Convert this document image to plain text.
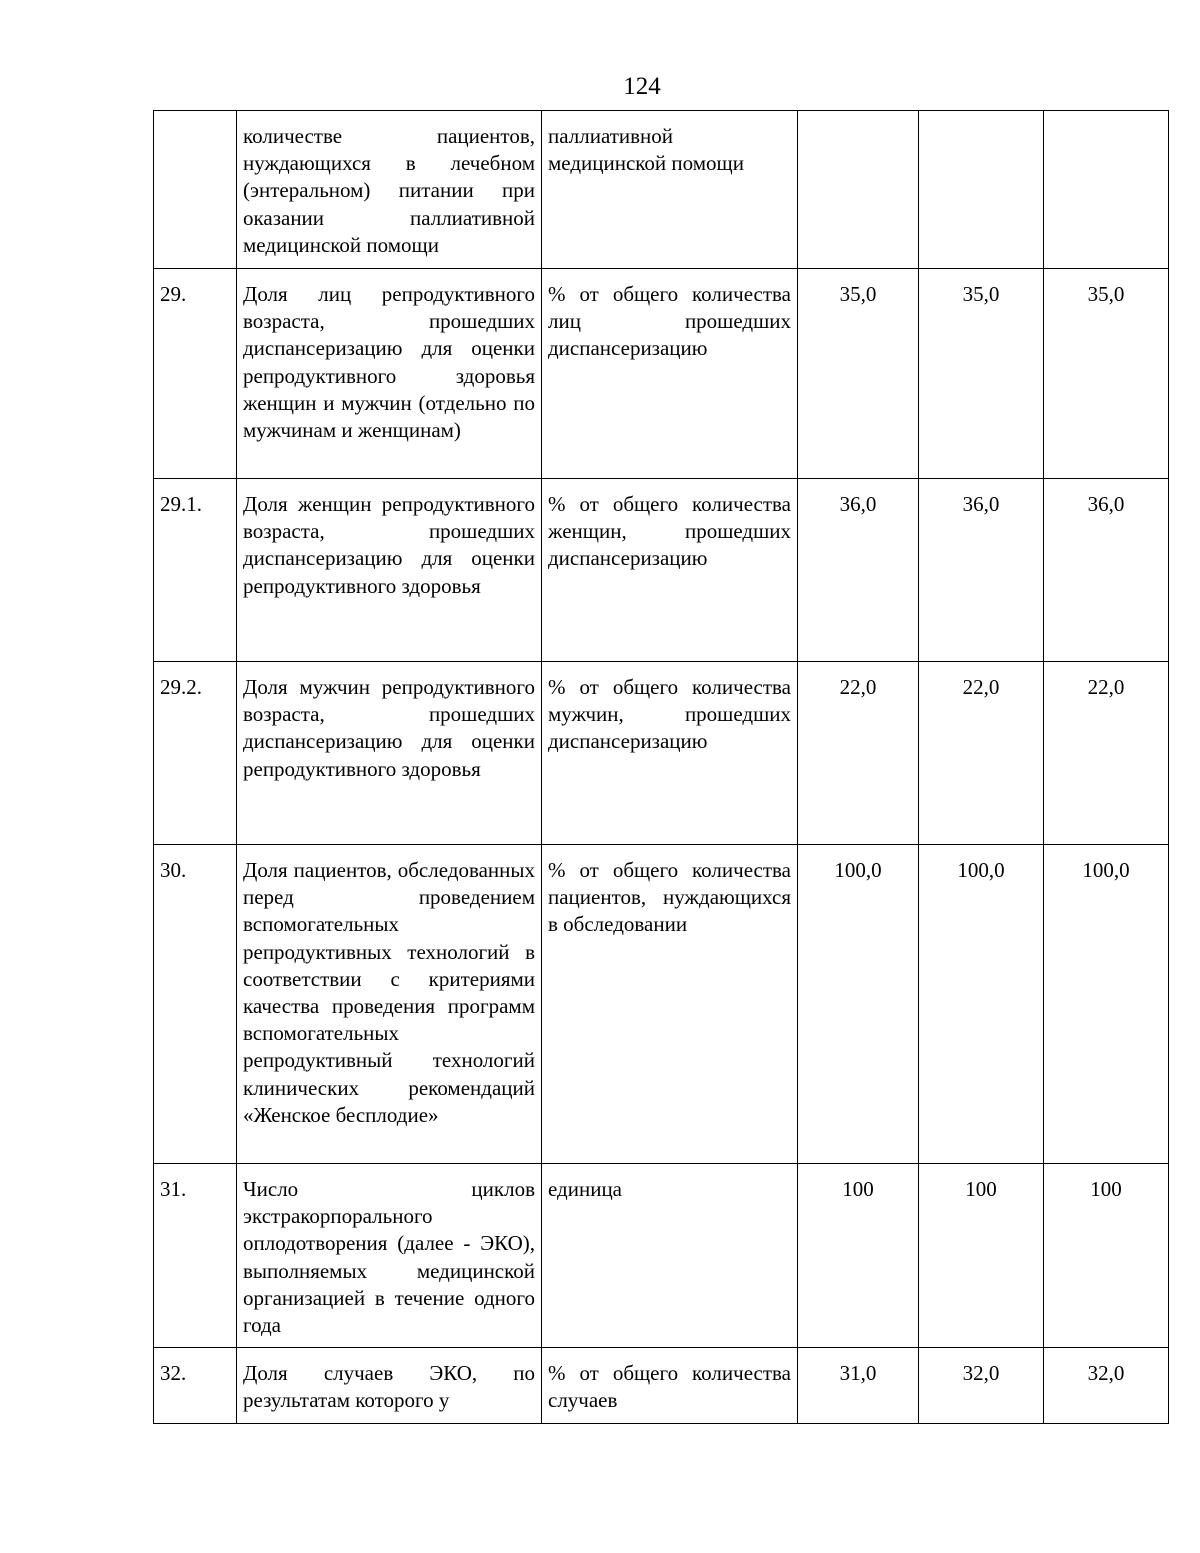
124
	количестве пациентов, нуждающихся в лечебном (энтеральном) питании при оказании паллиативной медицинской помощи	паллиативной медицинской помощи			
29.	Доля лиц репродуктивного возраста, прошедших диспансеризацию для оценки репродуктивного здоровья женщин и мужчин (отдельно по мужчинам и женщинам)	% от общего количества лиц прошедших диспансеризацию	35,0	35,0	35,0
29.1.	Доля женщин репродуктивного возраста, прошедших диспансеризацию для оценки репродуктивного здоровья	% от общего количества женщин, прошедших диспансеризацию	36,0	36,0	36,0
29.2.	Доля мужчин репродуктивного возраста, прошедших диспансеризацию для оценки репродуктивного здоровья	% от общего количества мужчин, прошедших диспансеризацию	22,0	22,0	22,0
30.	Доля пациентов, обследованных перед проведением вспомогательных репродуктивных технологий в соответствии с критериями качества проведения программ вспомогательных репродуктивный технологий клинических рекомендаций «Женское бесплодие»	% от общего количества пациентов, нуждающихся в обследовании	100,0	100,0	100,0
31.	Число циклов экстракорпорального оплодотворения (далее - ЭКО), выполняемых медицинской организацией в течение одного года	единица	100	100	100
32.	Доля случаев ЭКО, по результатам которого у	% от общего количества случаев	31,0	32,0	32,0
